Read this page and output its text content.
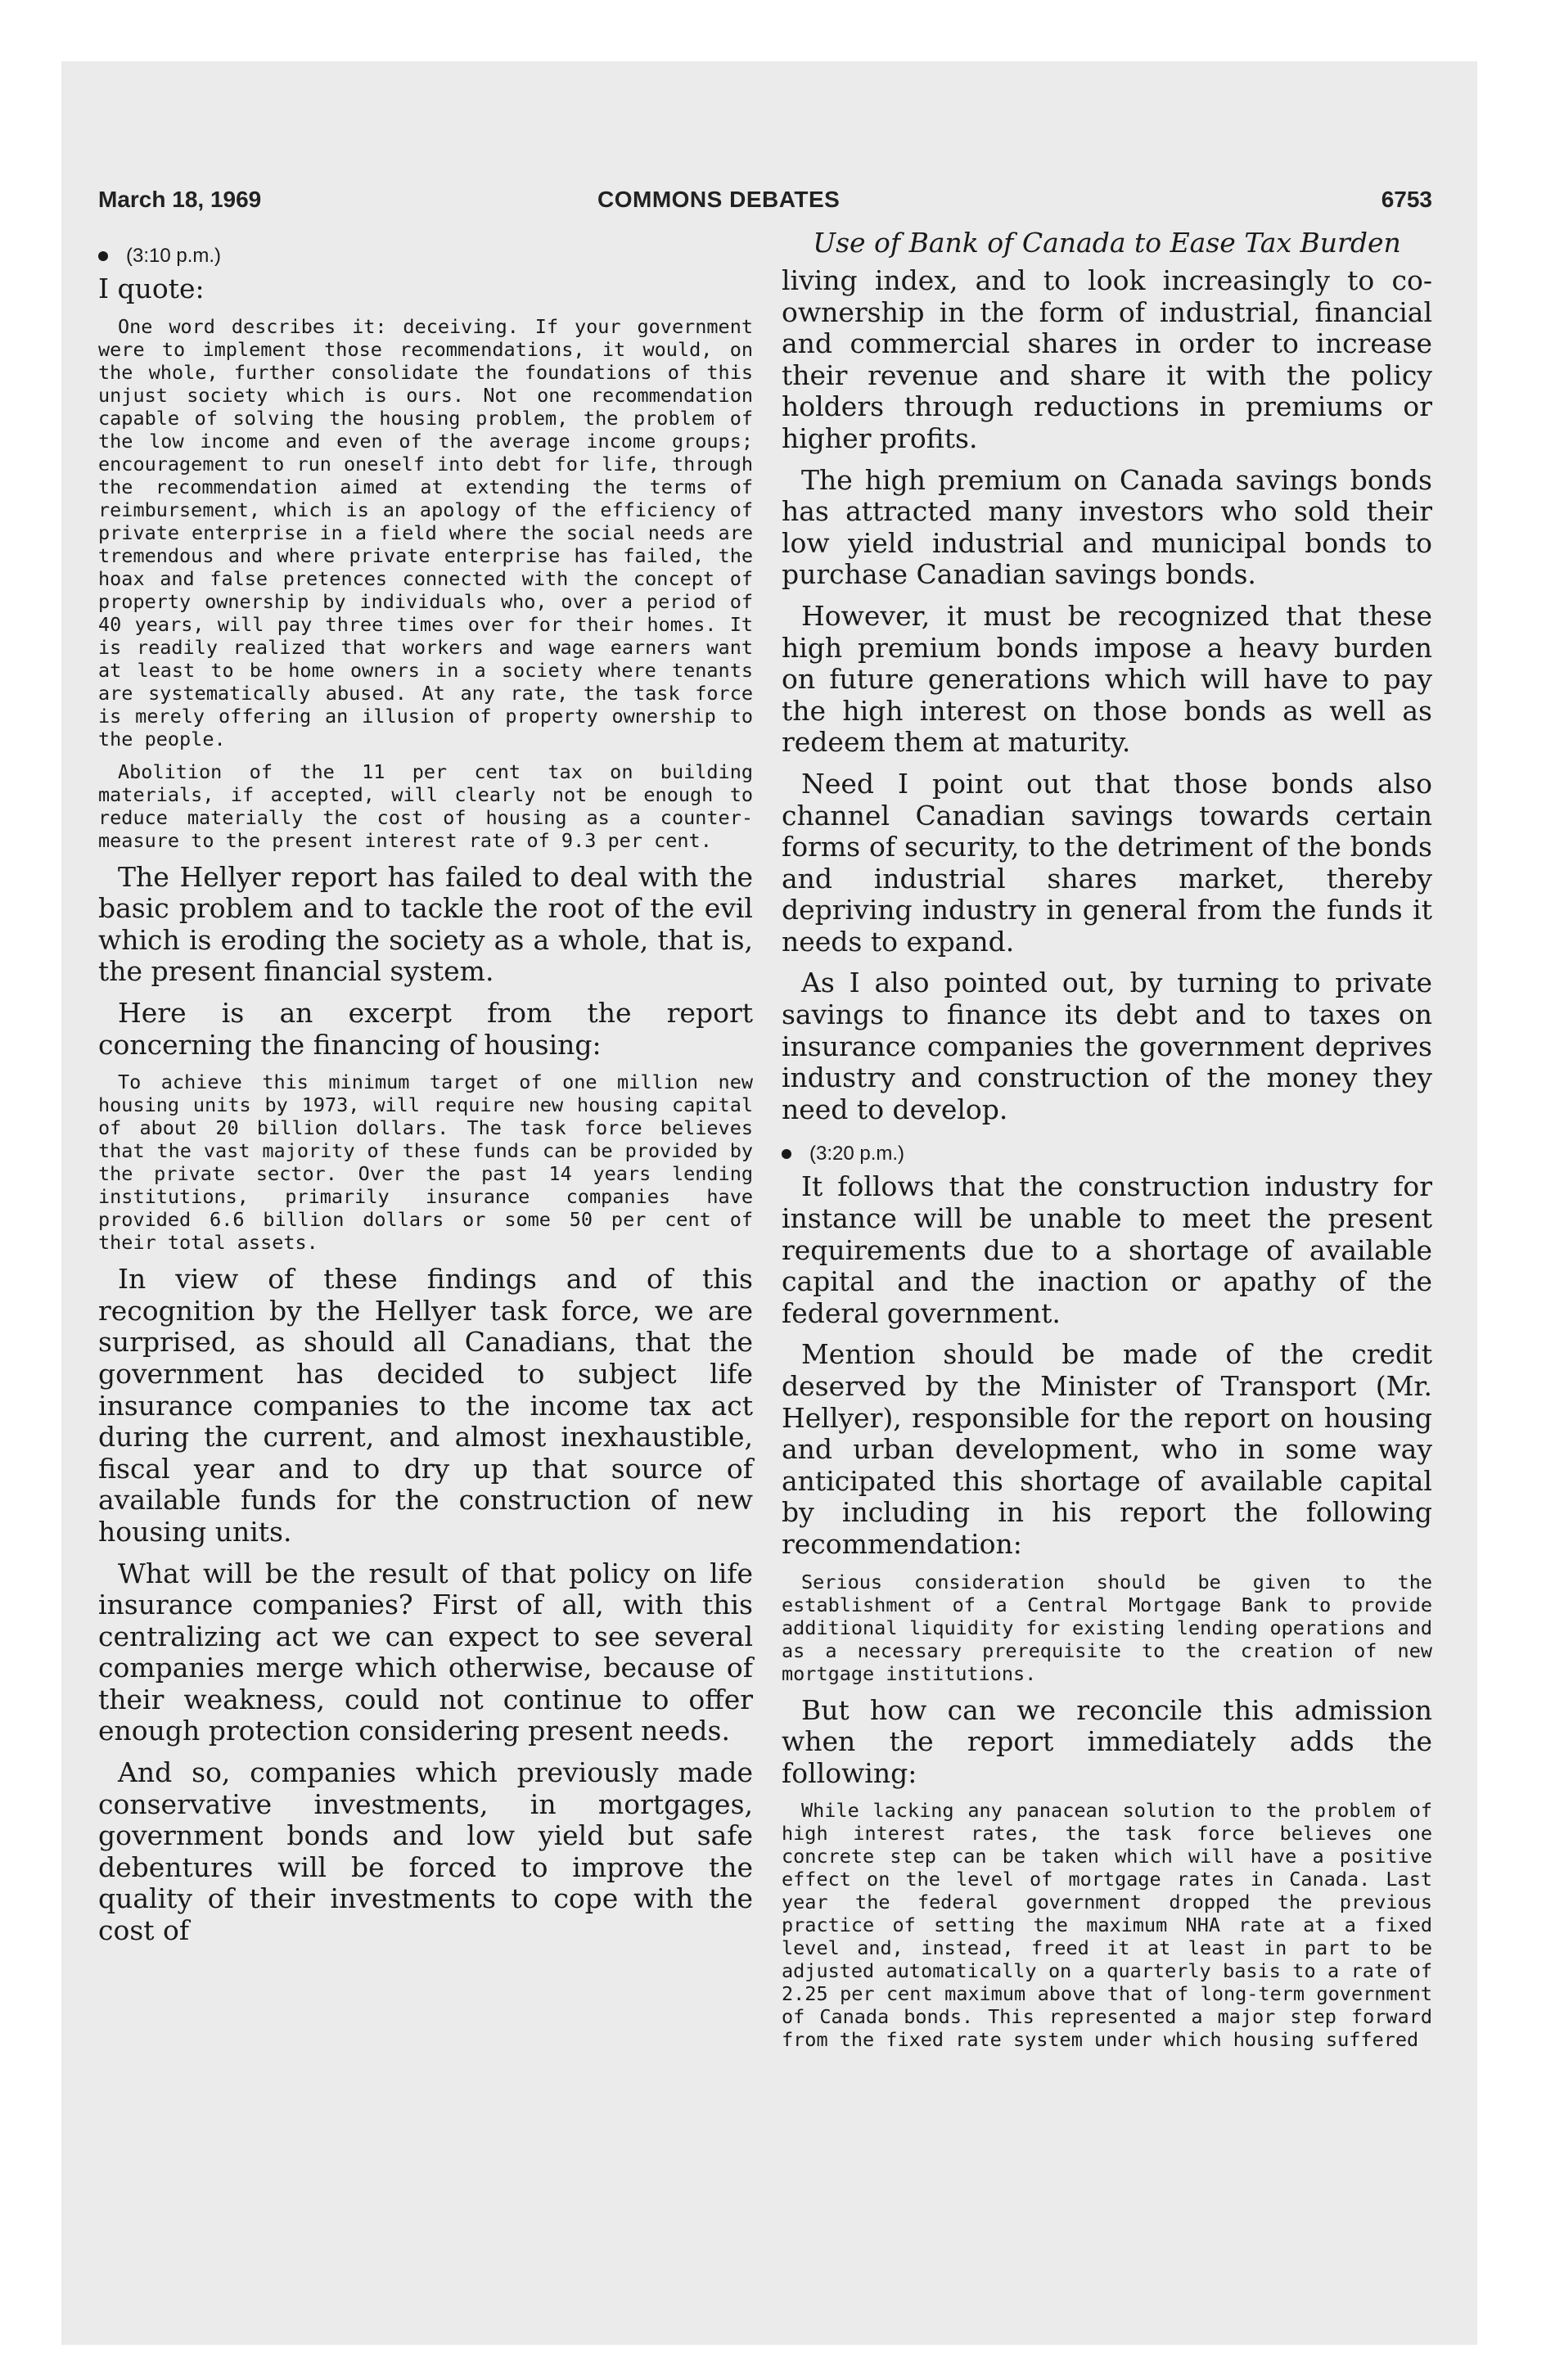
March 18, 1969	COMMONS DEBATES	6753
(3:10 p.m.)

I quote:

One word describes it: deceiving. If your government were to implement those recommendations, it would, on the whole, further consolidate the foundations of this unjust society which is ours. Not one recommendation capable of solving the housing problem, the problem of the low income and even of the average income groups; encouragement to run oneself into debt for life, through the recommendation aimed at extending the terms of reimbursement, which is an apology of the efficiency of private enterprise in a field where the social needs are tremendous and where private enterprise has failed, the hoax and false pretences connected with the concept of property ownership by individuals who, over a period of 40 years, will pay three times over for their homes. It is readily realized that workers and wage earners want at least to be home owners in a society where tenants are systematically abused. At any rate, the task force is merely offering an illusion of property ownership to the people.

Abolition of the 11 per cent tax on building materials, if accepted, will clearly not be enough to reduce materially the cost of housing as a counter-measure to the present interest rate of 9.3 per cent.

The Hellyer report has failed to deal with the basic problem and to tackle the root of the evil which is eroding the society as a whole, that is, the present financial system.

Here is an excerpt from the report concerning the financing of housing:

To achieve this minimum target of one million new housing units by 1973, will require new housing capital of about 20 billion dollars. The task force believes that the vast majority of these funds can be provided by the private sector. Over the past 14 years lending institutions, primarily insurance companies have provided 6.6 billion dollars or some 50 per cent of their total assets.

In view of these findings and of this recognition by the Hellyer task force, we are surprised, as should all Canadians, that the government has decided to subject life insurance companies to the income tax act during the current, and almost inexhaustible, fiscal year and to dry up that source of available funds for the construction of new housing units.

What will be the result of that policy on life insurance companies? First of all, with this centralizing act we can expect to see several companies merge which otherwise, because of their weakness, could not continue to offer enough protection considering present needs.

And so, companies which previously made conservative investments, in mortgages, government bonds and low yield but safe debentures will be forced to improve the quality of their investments to cope with the cost of

Use of Bank of Canada to Ease Tax Burden

living index, and to look increasingly to co-ownership in the form of industrial, financial and commercial shares in order to increase their revenue and share it with the policy holders through reductions in premiums or higher profits.

The high premium on Canada savings bonds has attracted many investors who sold their low yield industrial and municipal bonds to purchase Canadian savings bonds.

However, it must be recognized that these high premium bonds impose a heavy burden on future generations which will have to pay the high interest on those bonds as well as redeem them at maturity.

Need I point out that those bonds also channel Canadian savings towards certain forms of security, to the detriment of the bonds and industrial shares market, thereby depriving industry in general from the funds it needs to expand.

As I also pointed out, by turning to private savings to finance its debt and to taxes on insurance companies the government deprives industry and construction of the money they need to develop.

(3:20 p.m.)

It follows that the construction industry for instance will be unable to meet the present requirements due to a shortage of available capital and the inaction or apathy of the federal government.

Mention should be made of the credit deserved by the Minister of Transport (Mr. Hellyer), responsible for the report on housing and urban development, who in some way anticipated this shortage of available capital by including in his report the following recommendation:

Serious consideration should be given to the establishment of a Central Mortgage Bank to provide additional liquidity for existing lending operations and as a necessary prerequisite to the creation of new mortgage institutions.

But how can we reconcile this admission when the report immediately adds the following:

While lacking any panacean solution to the problem of high interest rates, the task force believes one concrete step can be taken which will have a positive effect on the level of mortgage rates in Canada. Last year the federal government dropped the previous practice of setting the maximum NHA rate at a fixed level and, instead, freed it at least in part to be adjusted automatically on a quarterly basis to a rate of 2.25 per cent maximum above that of long-term government of Canada bonds. This represented a major step forward from the fixed rate system under which housing suffered
